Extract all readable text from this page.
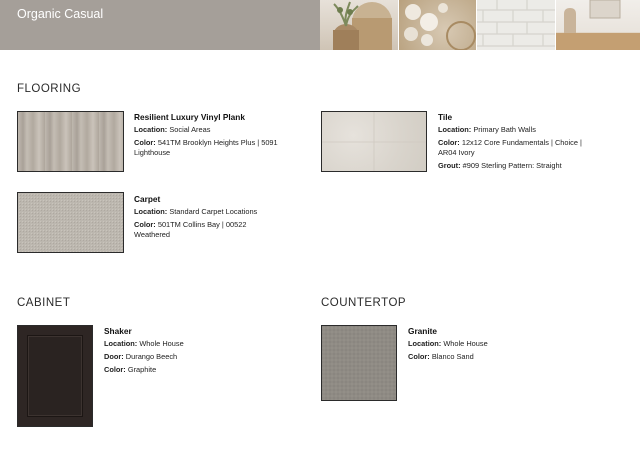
Organic Casual
FLOORING
Resilient Luxury Vinyl Plank
Location: Social Areas
Color: 541TM Brooklyn Heights Plus | 5091
Lighthouse
Tile
Location: Primary Bath Walls
Color: 12x12 Core Fundamentals | Choice |
AR04 Ivory
Grout: #909 Sterling Pattern: Straight
Carpet
Location: Standard Carpet Locations
Color: 501TM Collins Bay | 00522
Weathered
CABINET
Shaker
Location: Whole House
Door: Durango Beech
Color: Graphite
COUNTERTOP
Granite
Location: Whole House
Color: Blanco Sand
